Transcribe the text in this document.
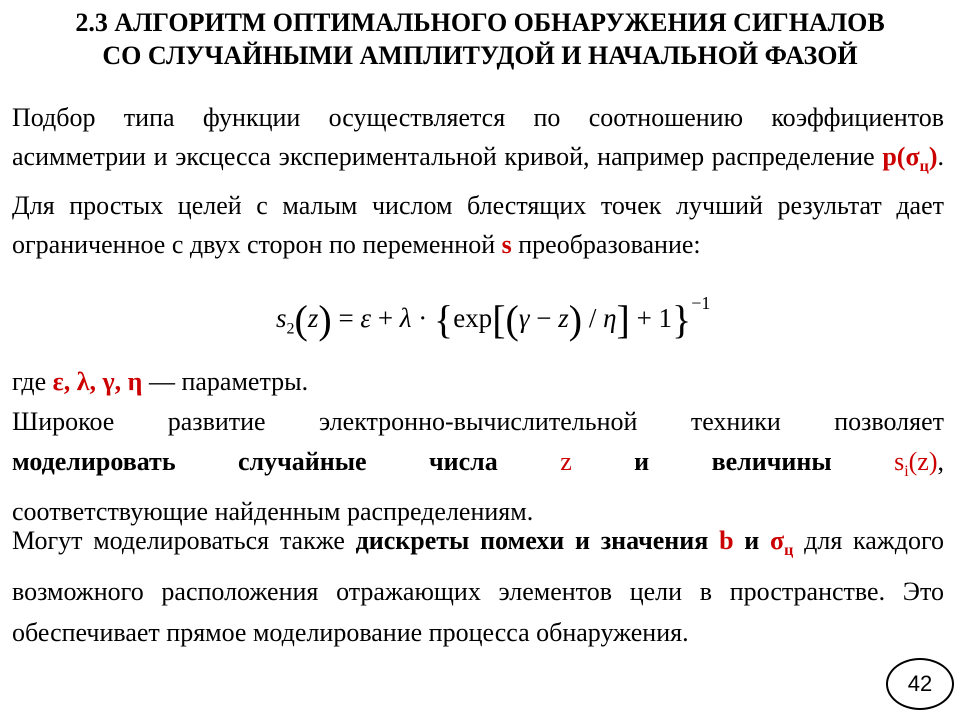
2.3 АЛГОРИТМ ОПТИМАЛЬНОГО ОБНАРУЖЕНИЯ СИГНАЛОВ
СО СЛУЧАЙНЫМИ АМПЛИТУДОЙ И НАЧАЛЬНОЙ ФАЗОЙ
Подбор типа функции осуществляется по соотношению коэффициентов асимметрии и эксцесса экспериментальной кривой, например распределение $p(\sigma_ц)$. Для простых целей с малым числом блестящих точек лучший результат дает ограниченное с двух сторон по переменной s преобразование:
$s_2(z) = \varepsilon + \lambda \cdot \{\exp[(\gamma - z) / \eta] + 1\}^{-1}$
где ε, λ, γ, η — параметры.
Широкое развитие электронно-вычислительной техники позволяет
моделировать случайные числа z и величины $s_i(z)$,
соответствующие найденным распределениям.
Могут моделироваться также дискреты помехи и значения b и $\sigma_ц$ для каждого возможного расположения отражающих элементов цели в пространстве. Это обеспечивает прямое моделирование процесса обнаружения.
42
